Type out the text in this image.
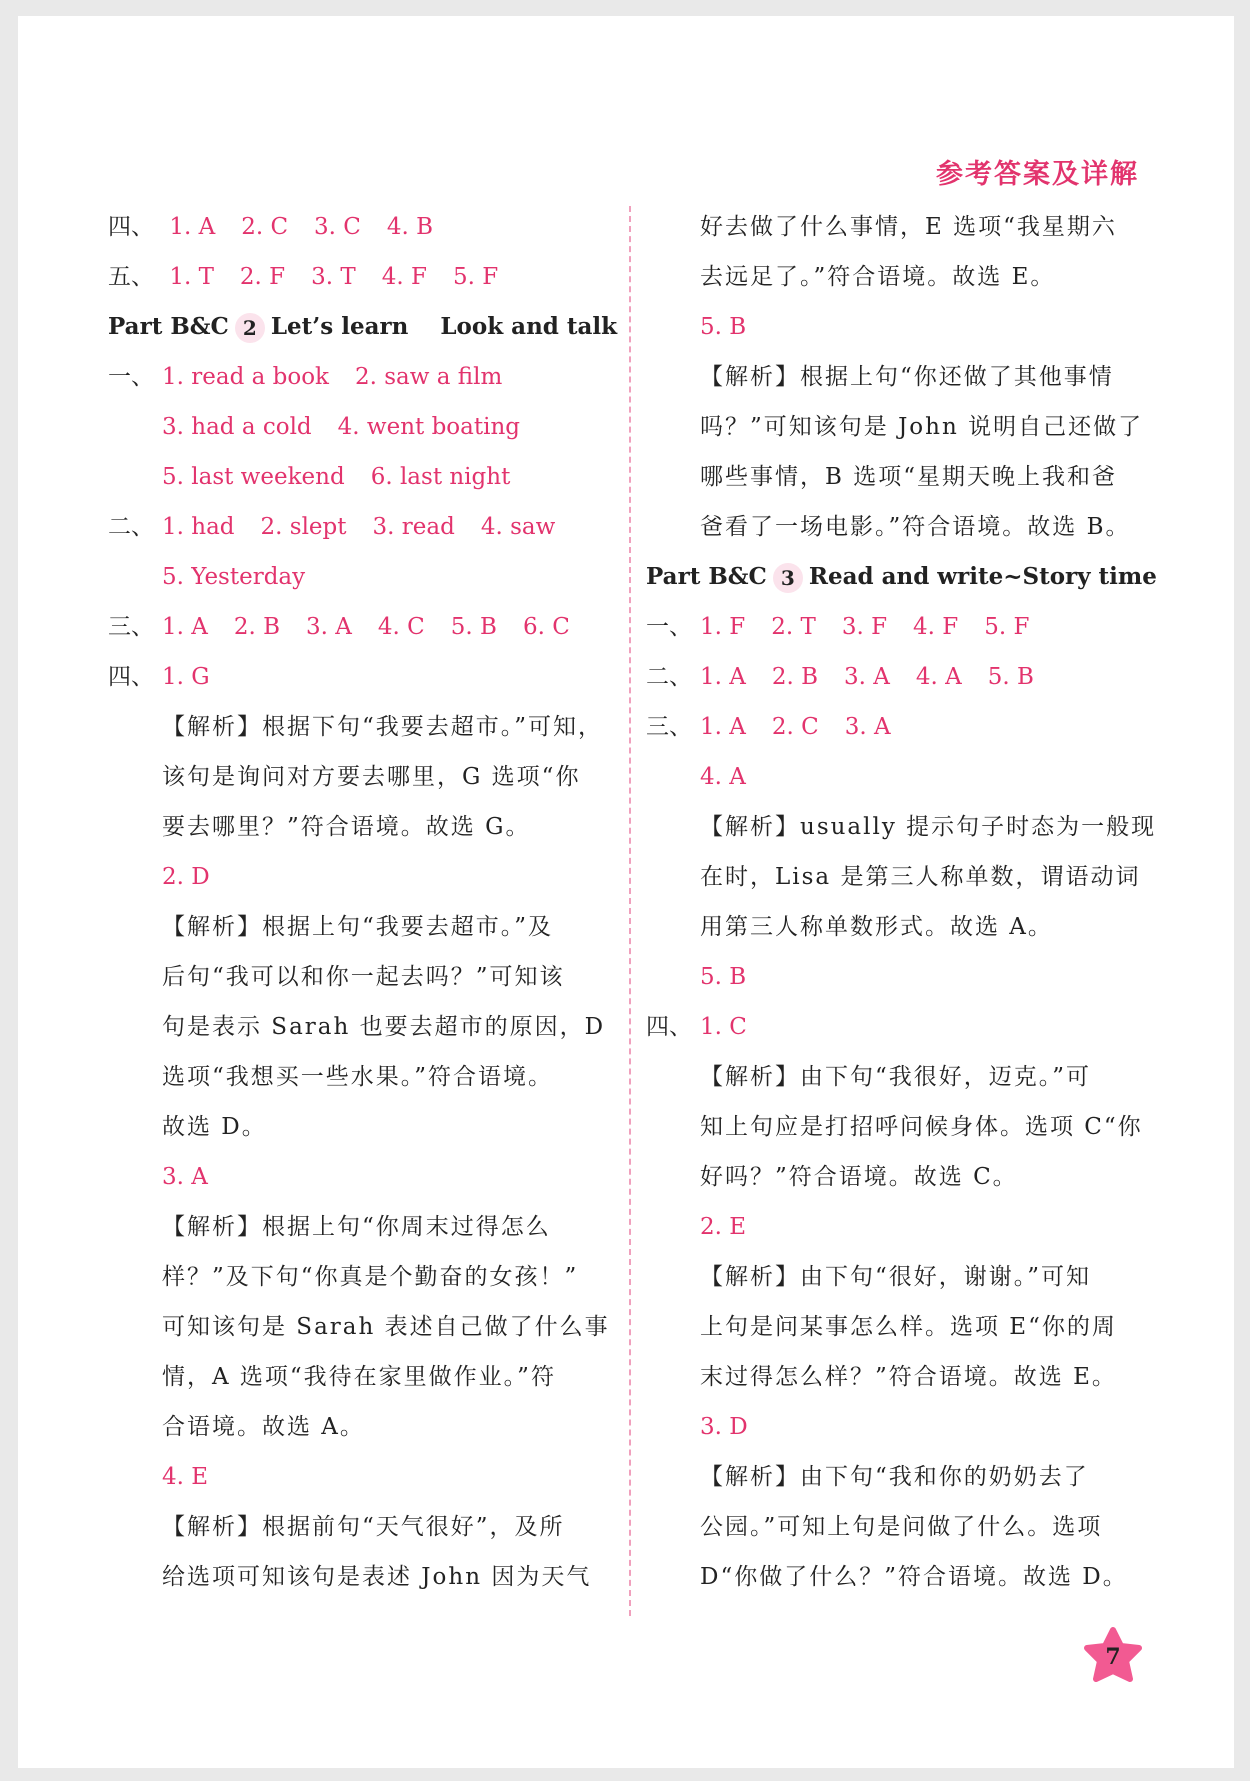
参考答案及详解
四、 1. A 2. C 3. C 4. B
五、 1. T 2. F 3. T 4. F 5. F
Part B&C 2 Let’s learn    Look and talk
一、 1. read a book 2. saw a film
3. had a cold 4. went boating
5. last weekend 6. last night
二、 1. had 2. slept 3. read 4. saw
5. Yesterday
三、 1. A 2. B 3. A 4. C 5. B 6. C
四、 1. G
【解析】根据下句“我要去超市。”可知，
该句是询问对方要去哪里，G 选项“你
要去哪里？”符合语境。故选 G。
2. D
【解析】根据上句“我要去超市。”及
后句“我可以和你一起去吗？”可知该
句是表示 Sarah 也要去超市的原因，D
选项“我想买一些水果。”符合语境。
故选 D。
3. A
【解析】根据上句“你周末过得怎么
样？”及下句“你真是个勤奋的女孩！”
可知该句是 Sarah 表述自己做了什么事
情，A 选项“我待在家里做作业。”符
合语境。故选 A。
4. E
【解析】根据前句“天气很好”，及所
给选项可知该句是表述 John 因为天气
好去做了什么事情，E 选项“我星期六
去远足了。”符合语境。故选 E。
5. B
【解析】根据上句“你还做了其他事情
吗？”可知该句是 John 说明自己还做了
哪些事情，B 选项“星期天晚上我和爸
爸看了一场电影。”符合语境。故选 B。
Part B&C 3 Read and write~Story time
一、 1. F 2. T 3. F 4. F 5. F
二、 1. A 2. B 3. A 4. A 5. B
三、 1. A 2. C 3. A
4. A
【解析】usually 提示句子时态为一般现
在时，Lisa 是第三人称单数，谓语动词
用第三人称单数形式。故选 A。
5. B
四、 1. C
【解析】由下句“我很好，迈克。”可
知上句应是打招呼问候身体。选项 C“你
好吗？”符合语境。故选 C。
2. E
【解析】由下句“很好，谢谢。”可知
上句是问某事怎么样。选项 E“你的周
末过得怎么样？”符合语境。故选 E。
3. D
【解析】由下句“我和你的奶奶去了
公园。”可知上句是问做了什么。选项
D“你做了什么？”符合语境。故选 D。
7
